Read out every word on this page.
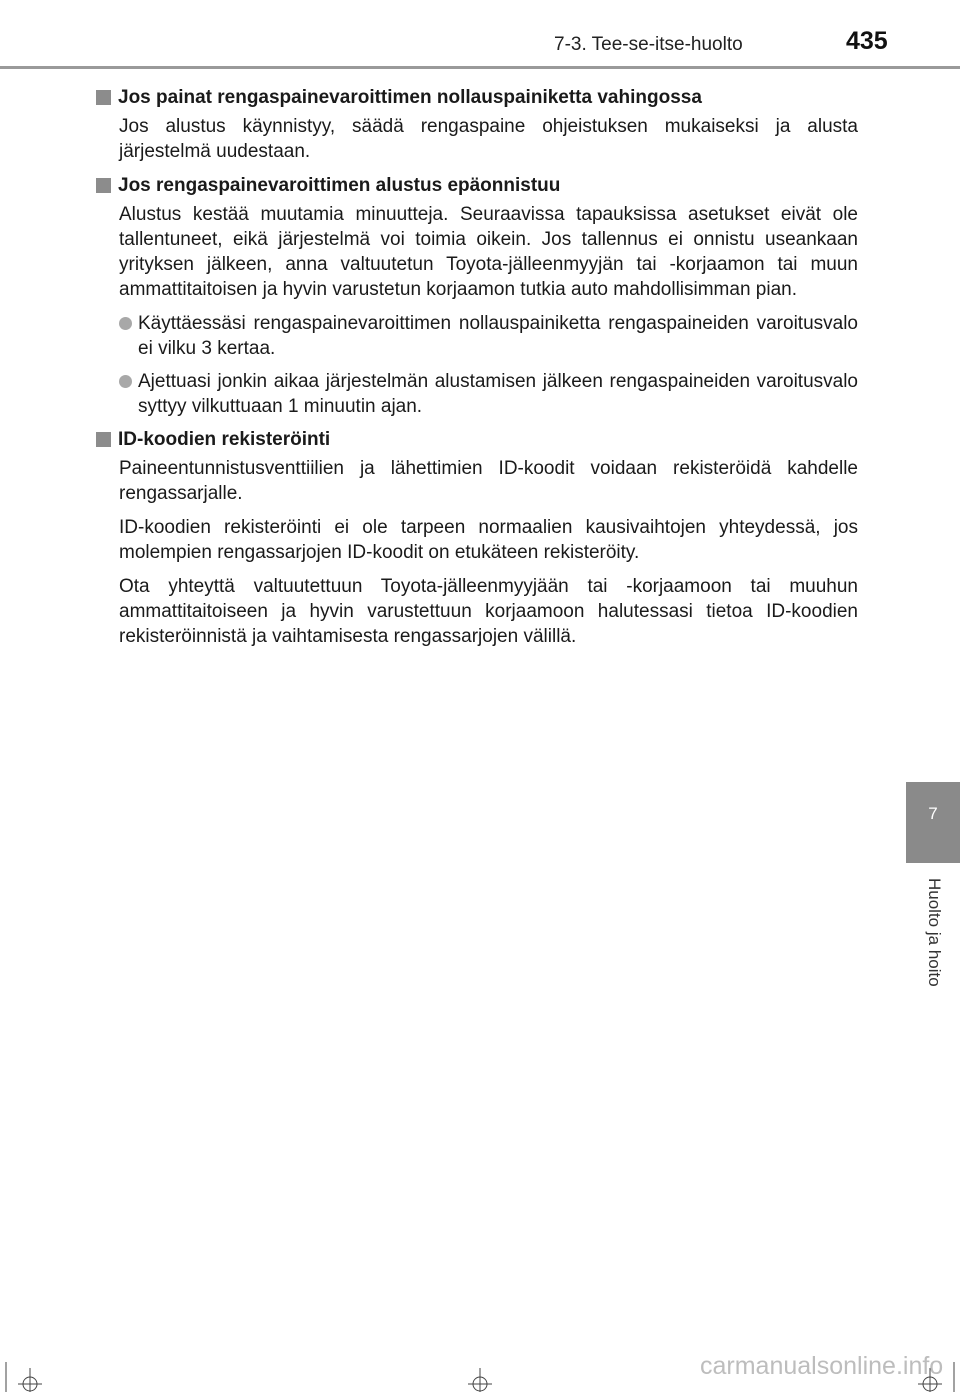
7-3. Tee-se-itse-huolto	435
Jos painat rengaspainevaroittimen nollauspainiketta vahingossa

Jos alustus käynnistyy, säädä rengaspaine ohjeistuksen mukaiseksi ja alusta järjestelmä uudestaan.

Jos rengaspainevaroittimen alustus epäonnistuu

Alustus kestää muutamia minuutteja. Seuraavissa tapauksissa asetukset eivät ole tallentuneet, eikä järjestelmä voi toimia oikein. Jos tallennus ei onnistu useankaan yrityksen jälkeen, anna valtuutetun Toyota-jälleenmyyjän tai -korjaamon tai muun ammattitaitoisen ja hyvin varustetun korjaamon tutkia auto mahdollisimman pian.

Käyttäessäsi rengaspainevaroittimen nollauspainiketta rengaspaineiden varoitusvalo ei vilku 3 kertaa.
Ajettuasi jonkin aikaa järjestelmän alustamisen jälkeen rengaspaineiden varoitusvalo syttyy vilkuttuaan 1 minuutin ajan.
ID-koodien rekisteröinti

Paineentunnistusventtiilien ja lähettimien ID-koodit voidaan rekisteröidä kahdelle rengassarjalle.

ID-koodien rekisteröinti ei ole tarpeen normaalien kausivaihtojen yhteydessä, jos molempien rengassarjojen ID-koodit on etukäteen rekisteröity.

Ota yhteyttä valtuutettuun Toyota-jälleenmyyjään tai -korjaamoon tai muuhun ammattitaitoiseen ja hyvin varustettuun korjaamoon halutessasi tietoa ID-koodien rekisteröinnistä ja vaihtamisesta rengassarjojen välillä.

7
Huolto ja hoito
carmanualsonline.info
